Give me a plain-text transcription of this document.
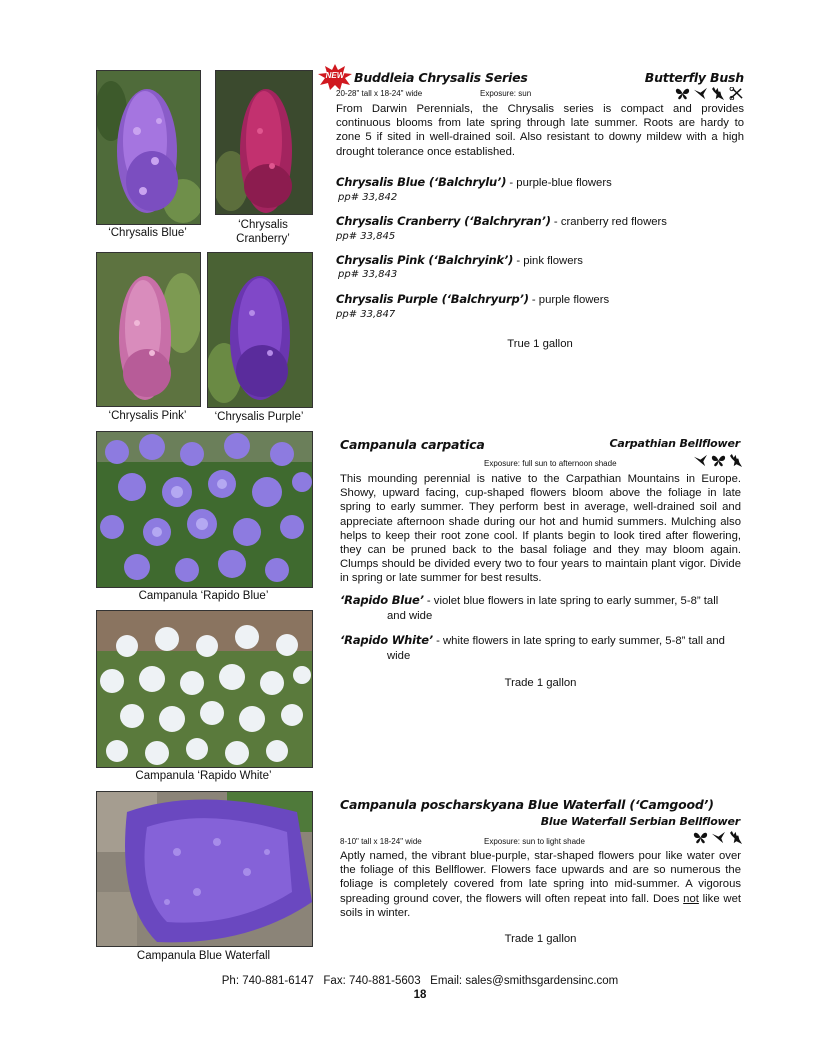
‘Chrysalis Blue’
‘Chrysalis Cranberry’
‘Chrysalis Pink’	‘Chrysalis Purple’
NEW Buddleia Chrysalis Series	Butterfly Bush
20-28" tall x 18-24" wide	Exposure: sun
From Darwin Perennials, the Chrysalis series is compact and provides continuous blooms from late spring through late summer. Roots are hardy to zone 5 if sited in well-drained soil. Also resistant to downy mildew with a high drought tolerance once established.
Chrysalis Blue (‘Balchrylu’) - purple-blue flowers
pp# 33,842
Chrysalis Cranberry (‘Balchryran’) - cranberry red flowers
pp# 33,845
Chrysalis Pink (‘Balchryink’) - pink flowers
pp# 33,843
Chrysalis Purple (‘Balchryurp’) - purple flowers
pp# 33,847
True 1 gallon
Campanula ‘Rapido Blue’
Campanula ‘Rapido White’
Campanula carpatica	Carpathian Bellflower
Exposure: full sun to afternoon shade
This mounding perennial is native to the Carpathian Mountains in Europe. Showy, upward facing, cup-shaped flowers bloom above the foliage in late spring to early summer. They perform best in average, well-drained soil and appreciate afternoon shade during our hot and humid summers. Mulching also helps to keep their root zone cool. If plants begin to look tired after flowering, they can be pruned back to the basal foliage and they may bloom again. Clumps should be divided every two to four years to maintain plant vigor. Divide in spring or late summer for best results.
‘Rapido Blue’ - violet blue flowers in late spring to early summer, 5-8” tall
and wide
‘Rapido White’ - white flowers in late spring to early summer, 5-8” tall and
wide
Trade 1 gallon
Campanula Blue Waterfall
Campanula poscharskyana Blue Waterfall (‘Camgood’)
Blue Waterfall Serbian Bellflower
8-10" tall x 18-24" wide	Exposure: sun to light shade
Aptly named, the vibrant blue-purple, star-shaped flowers pour like water over the foliage of this Bellflower. Flowers face upwards and are so numerous the foliage is completely covered from late spring into mid-summer. A vigorous spreading ground cover, the flowers will often repeat into fall. Does not like wet soils in winter.
Trade 1 gallon
Ph: 740-881-6147   Fax: 740-881-5603   Email: sales@smithsgardensinc.com
18
